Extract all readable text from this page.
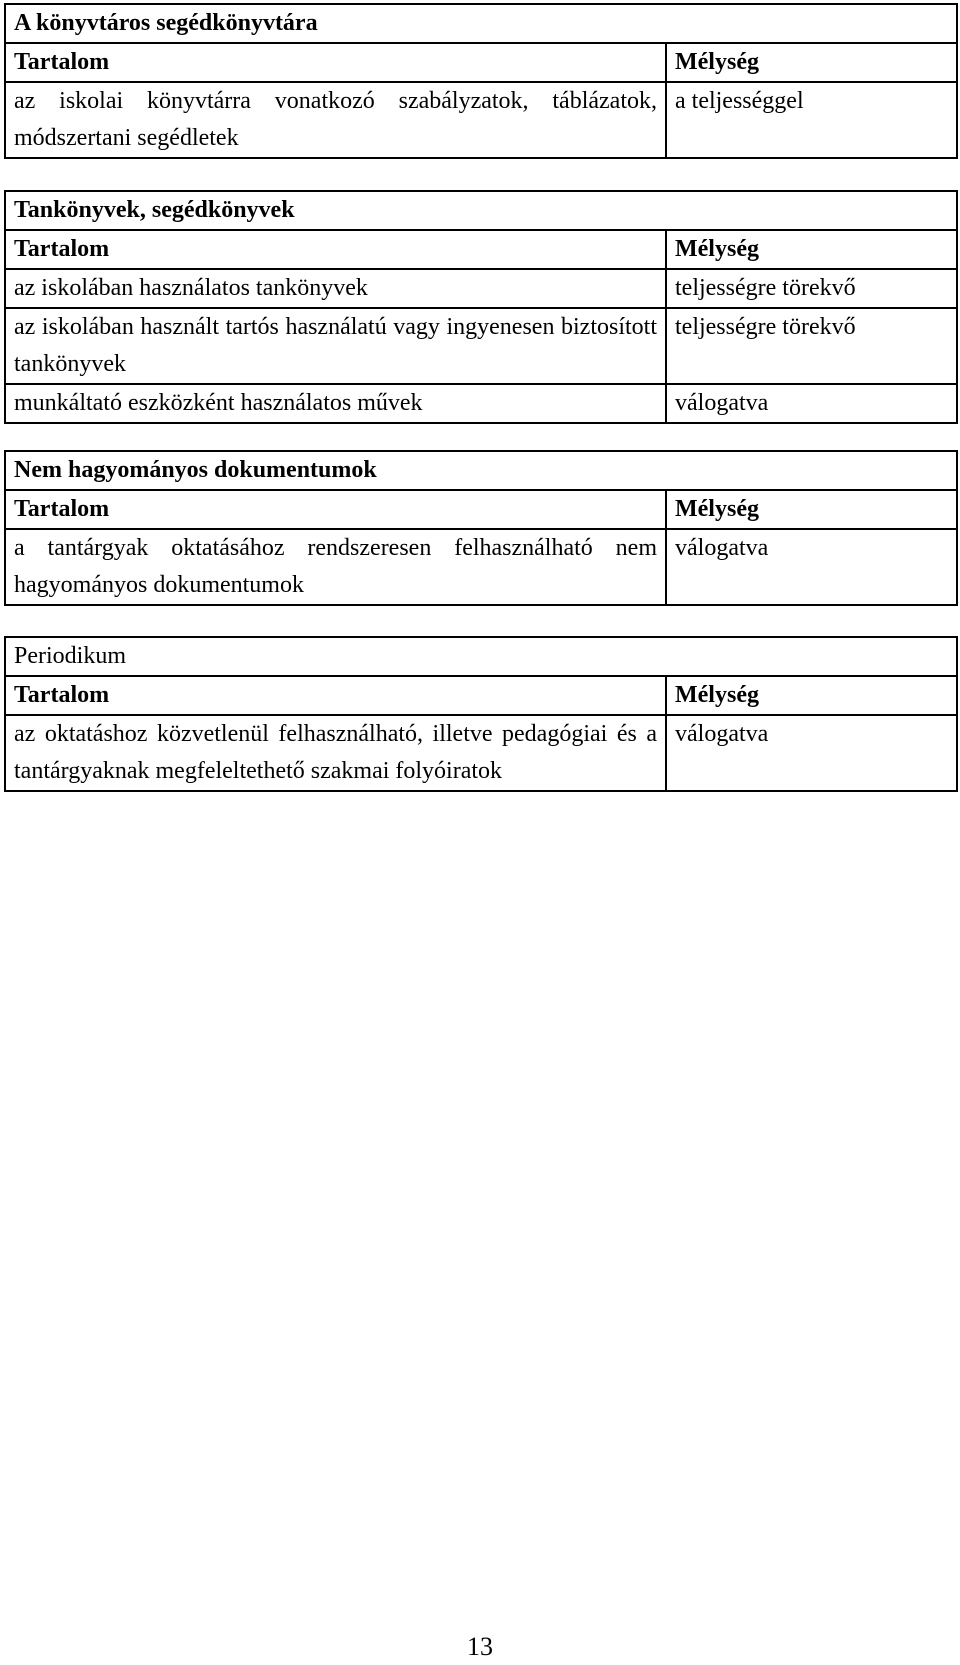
A könyvtáros segédkönyvtára	
Tartalom	Mélység
az iskolai könyvtárra vonatkozó szabályzatok, táblázatok, módszertani segédletek	a teljességgel
Tankönyvek, segédkönyvek	
Tartalom	Mélység
az iskolában használatos tankönyvek	teljességre törekvő
az iskolában használt tartós használatú vagy ingyenesen biztosított tankönyvek	teljességre törekvő
munkáltató eszközként használatos művek	válogatva
Nem hagyományos dokumentumok	
Tartalom	Mélység
a tantárgyak oktatásához rendszeresen felhasználható nem hagyományos dokumentumok	válogatva
Periodikum	
Tartalom	Mélység
az oktatáshoz közvetlenül felhasználható, illetve pedagógiai és a tantárgyaknak megfeleltethető szakmai folyóiratok	válogatva
13
